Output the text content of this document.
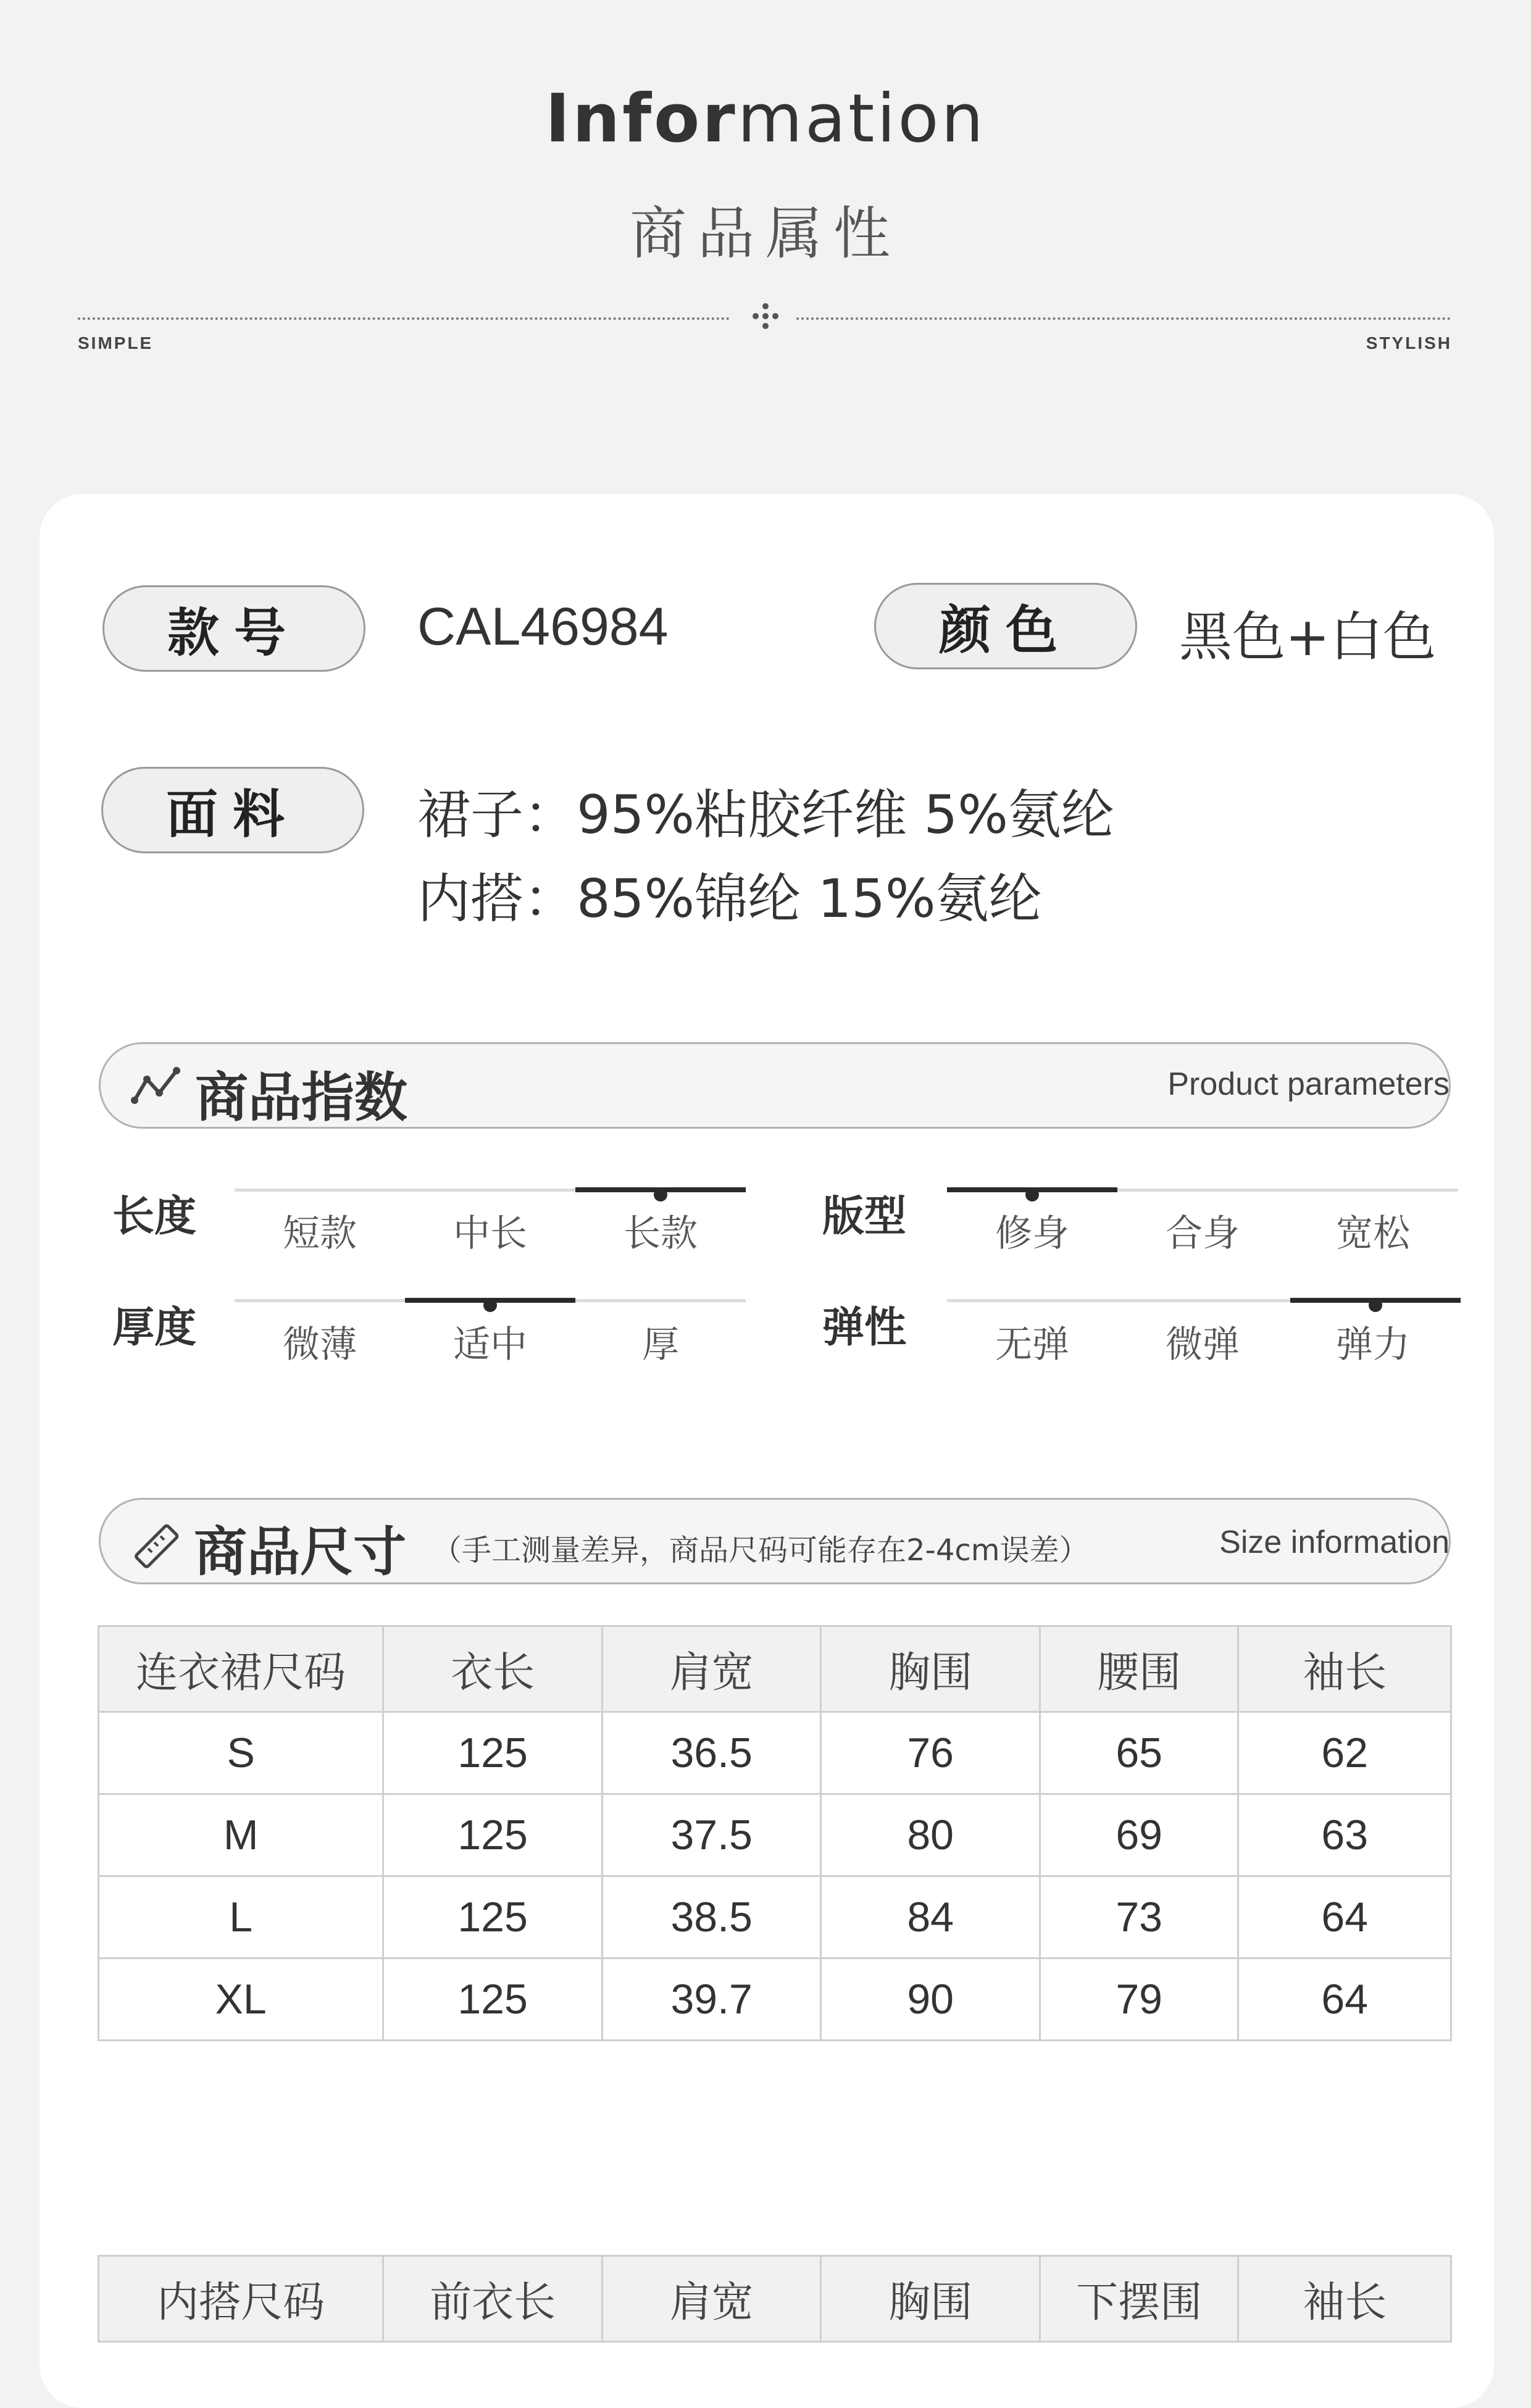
Information
商品属性
SIMPLE	STYLISH
款号	CAL46984	颜色	黑色+白色
面料	裙子：95%粘胶纤维 5%氨纶
内搭：85%锦纶 15%氨纶
商品指数	Product parameters
长度	短款	中长	长款	版型	修身	合身	宽松
厚度	微薄	适中	厚	弹性	无弹	微弹	弹力
商品尺寸 （手工测量差异，商品尺码可能存在2-4cm误差）	Size information
连衣裙尺码	衣长	肩宽	胸围	腰围	袖长
S	125	36.5	76	65	62
M	125	37.5	80	69	63
L	125	38.5	84	73	64
XL	125	39.7	90	79	64
内搭尺码	前衣长	肩宽	胸围	下摆围	袖长
